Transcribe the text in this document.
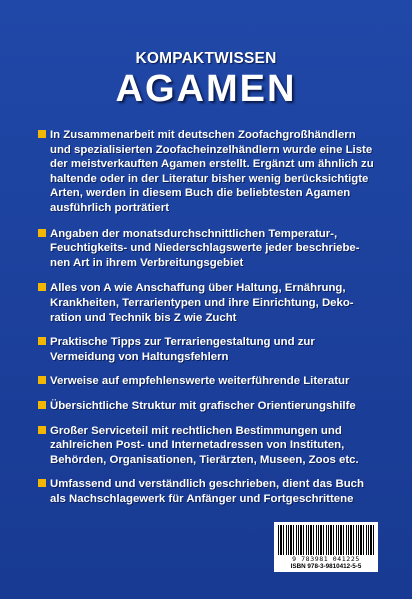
KOMPAKTWISSEN
AGAMEN
In Zusammenarbeit mit deutschen Zoofachgroßhändlern
und spezialisierten Zoofacheinzelhändlern wurde eine Liste
der meistverkauften Agamen erstellt. Ergänzt um ähnlich zu
haltende oder in der Literatur bisher wenig berücksichtigte
Arten, werden in diesem Buch die beliebtesten Agamen
ausführlich porträtiert
Angaben der monatsdurchschnittlichen Temperatur-,
Feuchtigkeits- und Niederschlagswerte jeder beschriebe-
nen Art in ihrem Verbreitungsgebiet
Alles von A wie Anschaffung über Haltung, Ernährung,
Krankheiten, Terrarientypen und ihre Einrichtung, Deko-
ration und Technik bis Z wie Zucht
Praktische Tipps zur Terrariengestaltung und zur
Vermeidung von Haltungsfehlern
Verweise auf empfehlenswerte weiterführende Literatur
Übersichtliche Struktur mit grafischer Orientierungshilfe
Großer Serviceteil mit rechtlichen Bestimmungen und
zahlreichen Post- und Internetadressen von Instituten,
Behörden, Organisationen, Tierärzten, Museen, Zoos etc.
Umfassend und verständlich geschrieben, dient das Buch
als Nachschlagewerk für Anfänger und Fortgeschrittene
9 783981 041225
ISBN 978-3-9810412-5-5
